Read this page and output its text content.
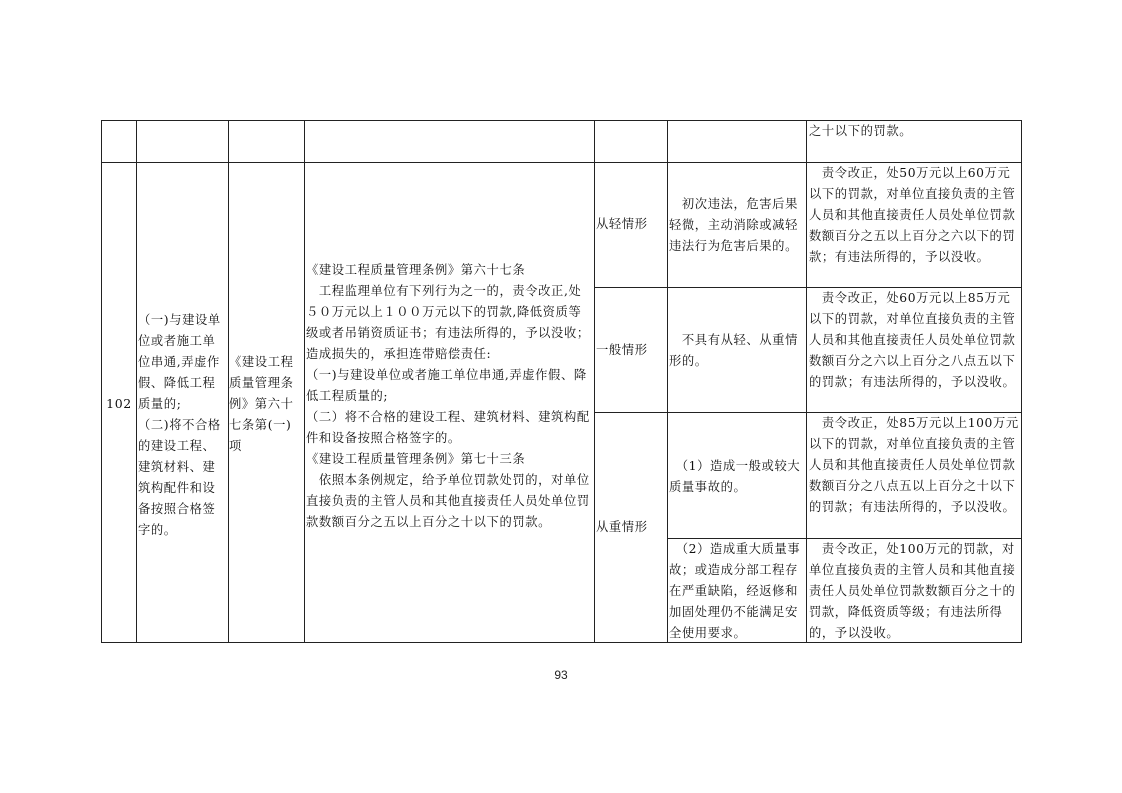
之十以下的罚款。
102
（一)与建设单位或者施工单位串通,弄虚作假、降低工程质量的;
（二)将不合格的建设工程、建筑材料、建筑构配件和设备按照合格签字的。
《建设工程质量管理条例》第六十七条第(一)项
《建设工程质量管理条例》第六十七条
　工程监理单位有下列行为之一的，责令改正,处５０万元以上１００万元以下的罚款,降低资质等级或者吊销资质证书；有违法所得的，予以没收；造成损失的，承担连带赔偿责任:
（一)与建设单位或者施工单位串通,弄虚作假、降低工程质量的;
（二）将不合格的建设工程、建筑材料、建筑构配件和设备按照合格签字的。
《建设工程质量管理条例》第七十三条
　依照本条例规定，给予单位罚款处罚的，对单位直接负责的主管人员和其他直接责任人员处单位罚款数额百分之五以上百分之十以下的罚款。
从轻情形
一般情形
从重情形
　初次违法，危害后果轻微，主动消除或减轻违法行为危害后果的。
　不具有从轻、从重情形的。
　（1）造成一般或较大质量事故的。
　（2）造成重大质量事故；或造成分部工程存在严重缺陷，经返修和加固处理仍不能满足安全使用要求。
　责令改正，处50万元以上60万元以下的罚款，对单位直接负责的主管人员和其他直接责任人员处单位罚款数额百分之五以上百分之六以下的罚款；有违法所得的，予以没收。
　责令改正，处60万元以上85万元以下的罚款，对单位直接负责的主管人员和其他直接责任人员处单位罚款数额百分之六以上百分之八点五以下的罚款；有违法所得的，予以没收。
　责令改正，处85万元以上100万元以下的罚款，对单位直接负责的主管人员和其他直接责任人员处单位罚款数额百分之八点五以上百分之十以下的罚款；有违法所得的，予以没收。
　责令改正，处100万元的罚款，对单位直接负责的主管人员和其他直接责任人员处单位罚款数额百分之十的罚款，降低资质等级；有违法所得的，予以没收。
93
